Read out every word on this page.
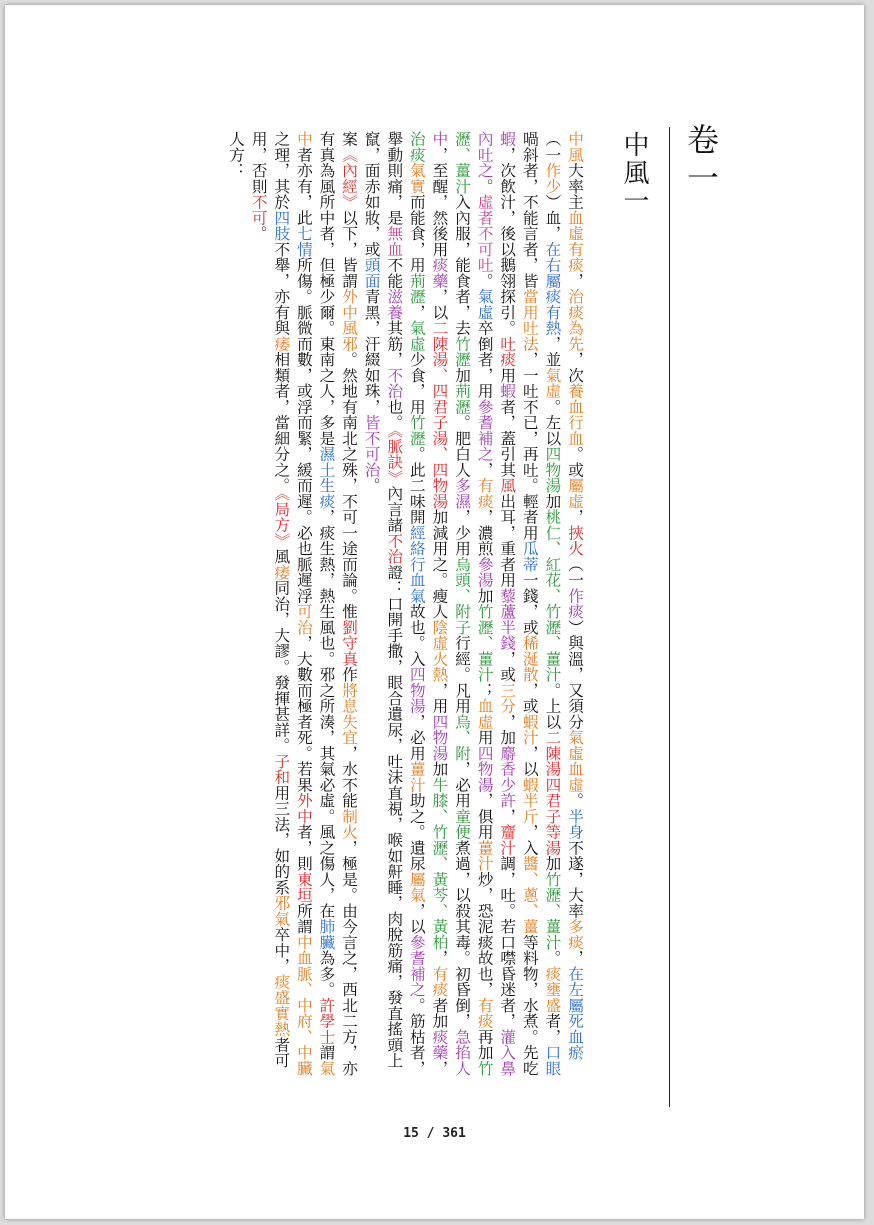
卷一
中風一

中風大率主血虛有痰，治痰為先，次養血行血。或屬虛，挾火（一作痰）與溫，又須分氣虛血虛。半身不遂，大率多痰，在左屬死血瘀（一作少）血，在右屬痰有熱，並氣虛。左以四物湯加桃仁、紅花、竹瀝、薑汁。上以二陳湯四君子等湯加竹瀝、薑汁。痰壅盛者，口眼喎斜者，不能言者，皆當用吐法，一吐不已，再吐。輕者用瓜蒂一錢，或稀涎散，或蝦汁，以蝦半斤，入醬、蔥、薑等料物，水煮。先吃蝦，次飲汁，後以鵝翎探引。吐痰用蝦者，蓋引其風出耳，重者用藜蘆半錢，或三分，加麝香少許，齏汁調，吐。若口噤昏迷者，灌入鼻內吐之。虛者不可吐。氣虛卒倒者，用參耆補之，有痰，濃煎參湯加竹瀝、薑汁；血虛用四物湯，俱用薑汁炒，恐泥痰故也，有痰再加竹瀝、薑汁入內服，能食者，去竹瀝加荊瀝。肥白人多濕，少用烏頭、附子行經。凡用烏、附，必用童便煮過，以殺其毒。初昏倒，急掐人中，至醒，然後用痰藥，以二陳湯、四君子湯、四物湯加減用之。瘦人陰虛火熱，用四物湯加牛膝、竹瀝、黃芩、黃柏，有痰者加痰藥，治痰氣實而能食，用荊瀝，氣虛少食，用竹瀝。此二味開經絡行血氣故也。入四物湯，必用薑汁助之。遺尿屬氣，以參耆補之。筋枯者，舉動則痛，是無血不能滋養其筋，不治也。《脈訣》內言諸不治證：口開手撒，眼合遺尿，吐沫直視，喉如鼾睡，肉脫筋痛，發直搖頭上竄，面赤如妝，或頭面青黑，汗綴如珠，皆不可治。

案《內經》以下，皆謂外中風邪。然地有南北之殊，不可一途而論。惟劉守真作將息失宜，水不能制火，極是。由今言之，西北二方，亦有真為風所中者，但極少爾。東南之人，多是濕土生痰，痰生熱，熱生風也。邪之所湊，其氣必虛。風之傷人，在肺臟為多。許學士謂氣中者亦有，此七情所傷。脈微而數，或浮而緊，緩而遲。必也脈遲浮可治，大數而極者死。若果外中者，則東垣所謂中血脈、中府、中臟之理，其於四肢不舉，亦有與痿相類者，當細分之。《局方》風痿同治，大謬。發揮甚詳。子和用三法，如的系邪氣卒中，痰盛實熱者可用，否則不可。

人方：

15 / 361
